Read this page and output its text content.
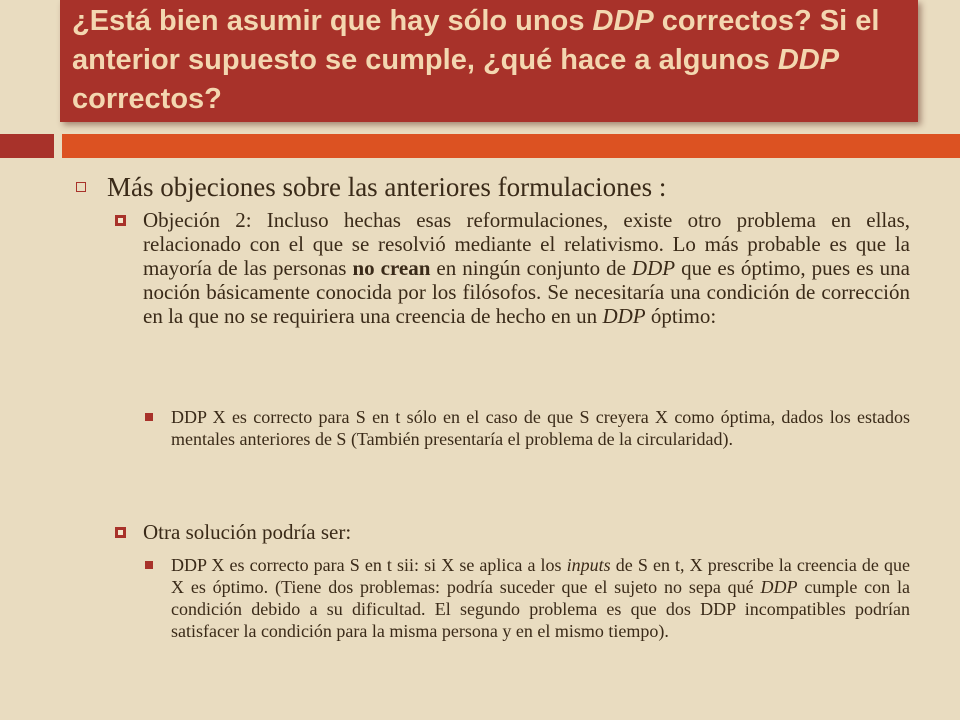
¿Está bien asumir que hay sólo unos DDP correctos? Si el anterior supuesto se cumple, ¿qué hace a algunos DDP correctos?

Más objeciones sobre las anteriores formulaciones :
Objeción 2: Incluso hechas esas reformulaciones, existe otro problema en ellas, relacionado con el que se resolvió mediante el relativismo. Lo más probable es que la mayoría de las personas no crean en ningún conjunto de DDP que es óptimo, pues es una noción básicamente conocida por los filósofos. Se necesitaría una condición de corrección en la que no se requiriera una creencia de hecho en un DDP óptimo:
DDP X es correcto para S en t sólo en el caso de que S creyera X como óptima, dados los estados mentales anteriores de S (También presentaría el problema de la circularidad).
Otra solución podría ser:
DDP X es correcto para S en t sii: si X se aplica a los inputs de S en t, X prescribe la creencia de que X es óptimo. (Tiene dos problemas: podría suceder que el sujeto no sepa qué DDP cumple con la condición debido a su dificultad. El segundo problema es que dos DDP incompatibles podrían satisfacer la condición para la misma persona y en el mismo tiempo).
